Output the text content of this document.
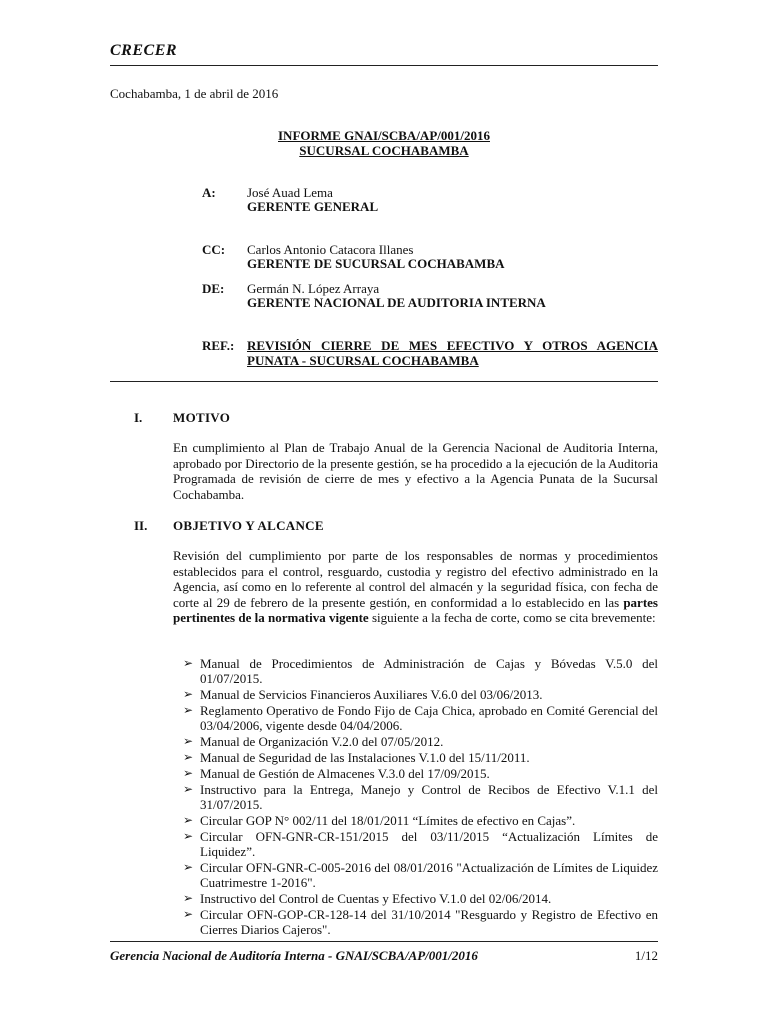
CRECER
Cochabamba, 1 de abril de 2016
INFORME GNAI/SCBA/AP/001/2016
SUCURSAL COCHABAMBA
A: José Auad Lema
GERENTE GENERAL
CC: Carlos Antonio Catacora Illanes
GERENTE DE SUCURSAL COCHABAMBA
DE: Germán N. López Arraya
GERENTE NACIONAL DE AUDITORIA INTERNA
REF.: REVISIÓN CIERRE DE MES EFECTIVO Y OTROS AGENCIA PUNATA - SUCURSAL COCHABAMBA
I. MOTIVO
En cumplimiento al Plan de Trabajo Anual de la Gerencia Nacional de Auditoria Interna, aprobado por Directorio de la presente gestión, se ha procedido a la ejecución de la Auditoria Programada de revisión de cierre de mes y efectivo a la Agencia Punata de la Sucursal Cochabamba.
II. OBJETIVO Y ALCANCE
Revisión del cumplimiento por parte de los responsables de normas y procedimientos establecidos para el control, resguardo, custodia y registro del efectivo administrado en la Agencia, así como en lo referente al control del almacén y la seguridad física, con fecha de corte al 29 de febrero de la presente gestión, en conformidad a lo establecido en las partes pertinentes de la normativa vigente siguiente a la fecha de corte, como se cita brevemente:
➢ Manual de Procedimientos de Administración de Cajas y Bóvedas V.5.0 del 01/07/2015.
➢ Manual de Servicios Financieros Auxiliares V.6.0 del 03/06/2013.
➢ Reglamento Operativo de Fondo Fijo de Caja Chica, aprobado en Comité Gerencial del 03/04/2006, vigente desde 04/04/2006.
➢ Manual de Organización V.2.0 del 07/05/2012.
➢ Manual de Seguridad de las Instalaciones V.1.0 del 15/11/2011.
➢ Manual de Gestión de Almacenes V.3.0 del 17/09/2015.
➢ Instructivo para la Entrega, Manejo y Control de Recibos de Efectivo V.1.1 del 31/07/2015.
➢ Circular GOP N° 002/11 del 18/01/2011 “Límites de efectivo en Cajas”.
➢ Circular OFN-GNR-CR-151/2015 del 03/11/2015 “Actualización Límites de Liquidez”.
➢ Circular OFN-GNR-C-005-2016 del 08/01/2016 "Actualización de Límites de Liquidez Cuatrimestre 1-2016".
➢ Instructivo del Control de Cuentas y Efectivo V.1.0 del 02/06/2014.
➢ Circular OFN-GOP-CR-128-14 del 31/10/2014 "Resguardo y Registro de Efectivo en Cierres Diarios Cajeros".
Gerencia Nacional de Auditoría Interna - GNAI/SCBA/AP/001/2016	1/12
